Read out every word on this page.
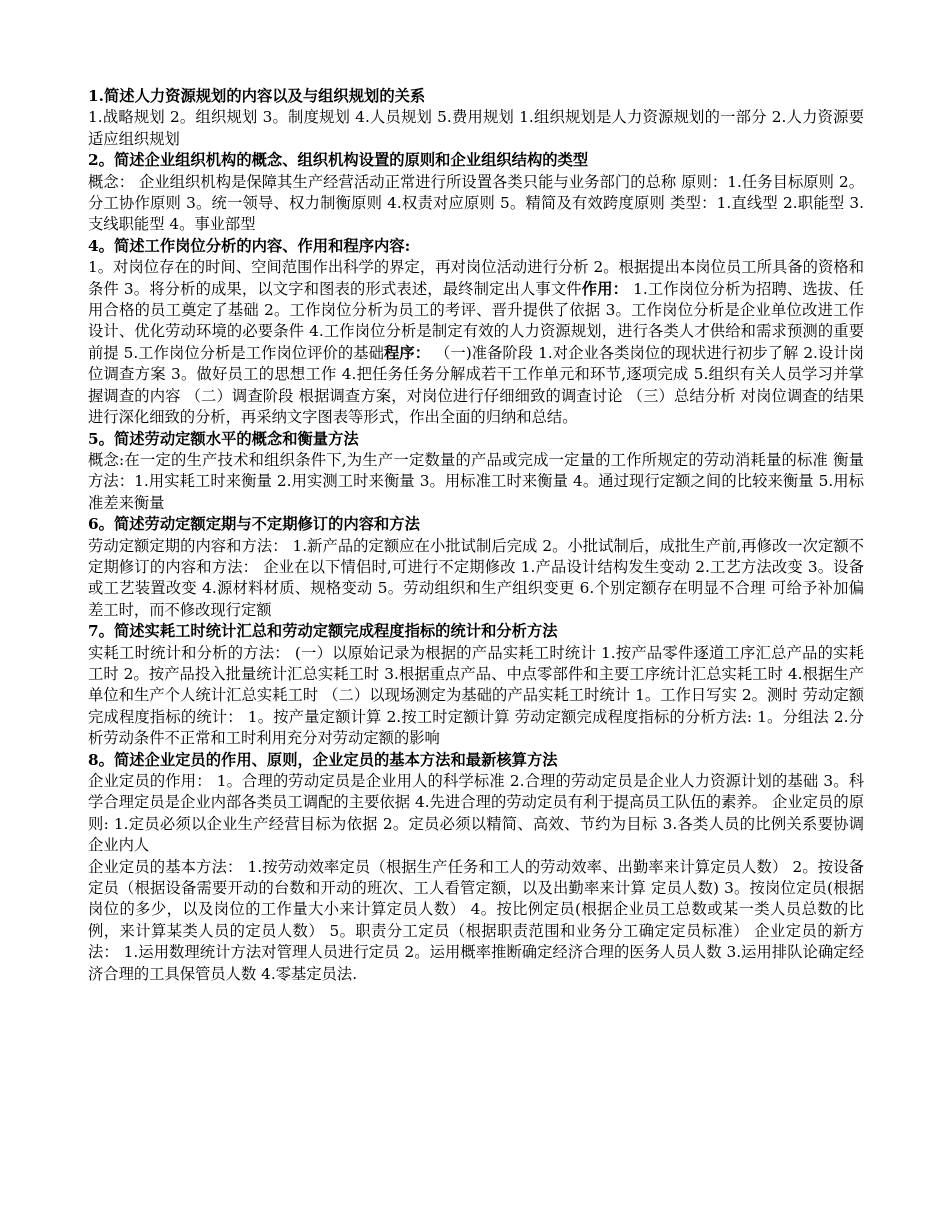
1.简述人力资源规划的内容以及与组织规划的关系

1.战略规划 2。组织规划 3。制度规划 4.人员规划 5.费用规划 1.组织规划是人力资源规划的一部分 2.人力资源要适应组织规划

2。简述企业组织机构的概念、组织机构设置的原则和企业组织结构的类型

概念： 企业组织机构是保障其生产经营活动正常进行所设置各类只能与业务部门的总称 原则：1.任务目标原则 2。分工协作原则 3。统一领导、权力制衡原则 4.权责对应原则 5。精简及有效跨度原则 类型：1.直线型 2.职能型 3.支线职能型 4。事业部型

4。简述工作岗位分析的内容、作用和程序内容:

1。对岗位存在的时间、空间范围作出科学的界定，再对岗位活动进行分析 2。根据提出本岗位员工所具备的资格和条件 3。将分析的成果，以文字和图表的形式表述，最终制定出人事文件作用： 1.工作岗位分析为招聘、选拔、任用合格的员工奠定了基础 2。工作岗位分析为员工的考评、晋升提供了依据 3。工作岗位分析是企业单位改进工作设计、优化劳动环境的必要条件 4.工作岗位分析是制定有效的人力资源规划，进行各类人才供给和需求预测的重要前提 5.工作岗位分析是工作岗位评价的基础程序： （一)准备阶段 1.对企业各类岗位的现状进行初步了解 2.设计岗位调查方案 3。做好员工的思想工作 4.把任务任务分解成若干工作单元和环节,逐项完成 5.组织有关人员学习并掌握调查的内容 （二）调查阶段 根据调查方案，对岗位进行仔细细致的调查讨论 （三）总结分析 对岗位调查的结果进行深化细致的分析，再采纳文字图表等形式，作出全面的归纳和总结。

5。简述劳动定额水平的概念和衡量方法

概念:在一定的生产技术和组织条件下,为生产一定数量的产品或完成一定量的工作所规定的劳动消耗量的标准 衡量方法：1.用实耗工时来衡量 2.用实测工时来衡量 3。用标准工时来衡量 4。通过现行定额之间的比较来衡量 5.用标准差来衡量

6。简述劳动定额定期与不定期修订的内容和方法

劳动定额定期的内容和方法： 1.新产品的定额应在小批试制后完成 2。小批试制后，成批生产前,再修改一次定额不定期修订的内容和方法： 企业在以下情侣时,可进行不定期修改 1.产品设计结构发生变动 2.工艺方法改变 3。设备或工艺装置改变 4.源材料材质、规格变动 5。劳动组织和生产组织变更 6.个别定额存在明显不合理 可给予补加偏差工时，而不修改现行定额

7。简述实耗工时统计汇总和劳动定额完成程度指标的统计和分析方法

实耗工时统计和分析的方法： (一）以原始记录为根据的产品实耗工时统计 1.按产品零件逐道工序汇总产品的实耗工时 2。按产品投入批量统计汇总实耗工时 3.根据重点产品、中点零部件和主要工序统计汇总实耗工时 4.根据生产单位和生产个人统计汇总实耗工时 （二）以现场测定为基础的产品实耗工时统计 1。工作日写实 2。测时 劳动定额完成程度指标的统计： 1。按产量定额计算 2.按工时定额计算 劳动定额完成程度指标的分析方法: 1。分组法 2.分析劳动条件不正常和工时利用充分对劳动定额的影响

8。简述企业定员的作用、原则，企业定员的基本方法和最新核算方法

企业定员的作用： 1。合理的劳动定员是企业用人的科学标准 2.合理的劳动定员是企业人力资源计划的基础 3。科学合理定员是企业内部各类员工调配的主要依据 4.先进合理的劳动定员有利于提高员工队伍的素养。 企业定员的原则: 1.定员必须以企业生产经营目标为依据 2。定员必须以精简、高效、节约为目标 3.各类人员的比例关系要协调企业内人

企业定员的基本方法： 1.按劳动效率定员（根据生产任务和工人的劳动效率、出勤率来计算定员人数） 2。按设备定员（根据设备需要开动的台数和开动的班次、工人看管定额，以及出勤率来计算 定员人数) 3。按岗位定员(根据岗位的多少，以及岗位的工作量大小来计算定员人数） 4。按比例定员(根据企业员工总数或某一类人员总数的比例，来计算某类人员的定员人数） 5。职责分工定员（根据职责范围和业务分工确定定员标准） 企业定员的新方法： 1.运用数理统计方法对管理人员进行定员 2。运用概率推断确定经济合理的医务人员人数 3.运用排队论确定经济合理的工具保管员人数 4.零基定员法.
